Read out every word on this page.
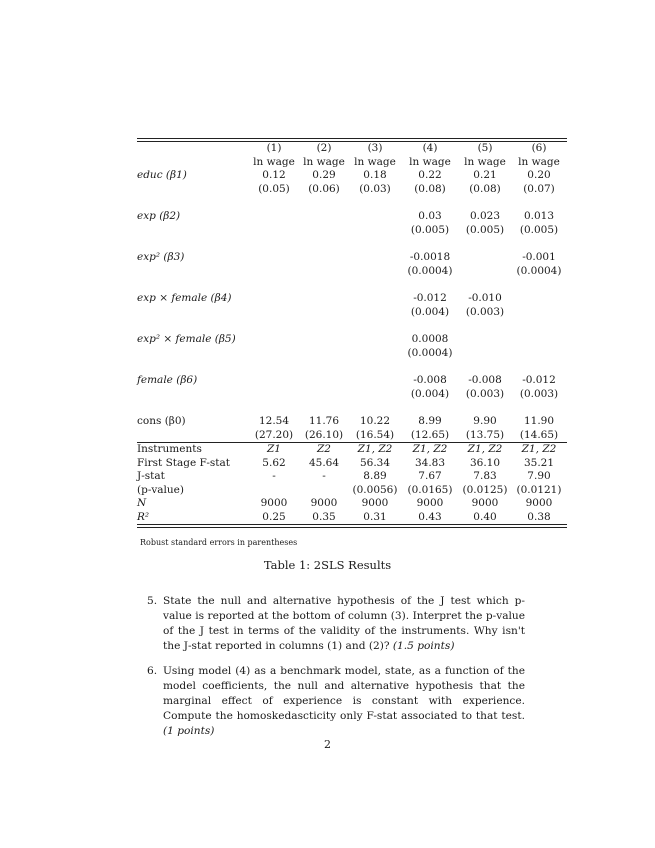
	(1)	(2)	(3)	(4)	(5)	(6)
	ln wage	ln wage	ln wage	ln wage	ln wage	ln wage
educ (β1)	0.12	0.29	0.18	0.22	0.21	0.20
	(0.05)	(0.06)	(0.03)	(0.08)	(0.08)	(0.07)

exp (β2)				0.03	0.023	0.013
				(0.005)	(0.005)	(0.005)

exp² (β3)				-0.0018		-0.001
				(0.0004)		(0.0004)

exp × female (β4)				-0.012	-0.010	
				(0.004)	(0.003)	

exp² × female (β5)				0.0008		
				(0.0004)		

female (β6)				-0.008	-0.008	-0.012
				(0.004)	(0.003)	(0.003)

cons (β0)	12.54	11.76	10.22	8.99	9.90	11.90
	(27.20)	(26.10)	(16.54)	(12.65)	(13.75)	(14.65)
Instruments	Z1	Z2	Z1, Z2	Z1, Z2	Z1, Z2	Z1, Z2
First Stage F-stat	5.62	45.64	56.34	34.83	36.10	35.21
J-stat	-	-	8.89	7.67	7.83	7.90
(p-value)			(0.0056)	(0.0165)	(0.0125)	(0.0121)
N	9000	9000	9000	9000	9000	9000
R²	0.25	0.35	0.31	0.43	0.40	0.38
Robust standard errors in parentheses
Table 1: 2SLS Results
5. State the null and alternative hypothesis of the J test which p-value is reported at the bottom of column (3). Interpret the p-value of the J test in terms of the validity of the instruments. Why isn't the J-stat reported in columns (1) and (2)? (1.5 points)
6. Using model (4) as a benchmark model, state, as a function of the model coefficients, the null and alternative hypothesis that the marginal effect of experience is constant with experience. Compute the homoskedascticity only F-stat associated to that test. (1 points)
2
